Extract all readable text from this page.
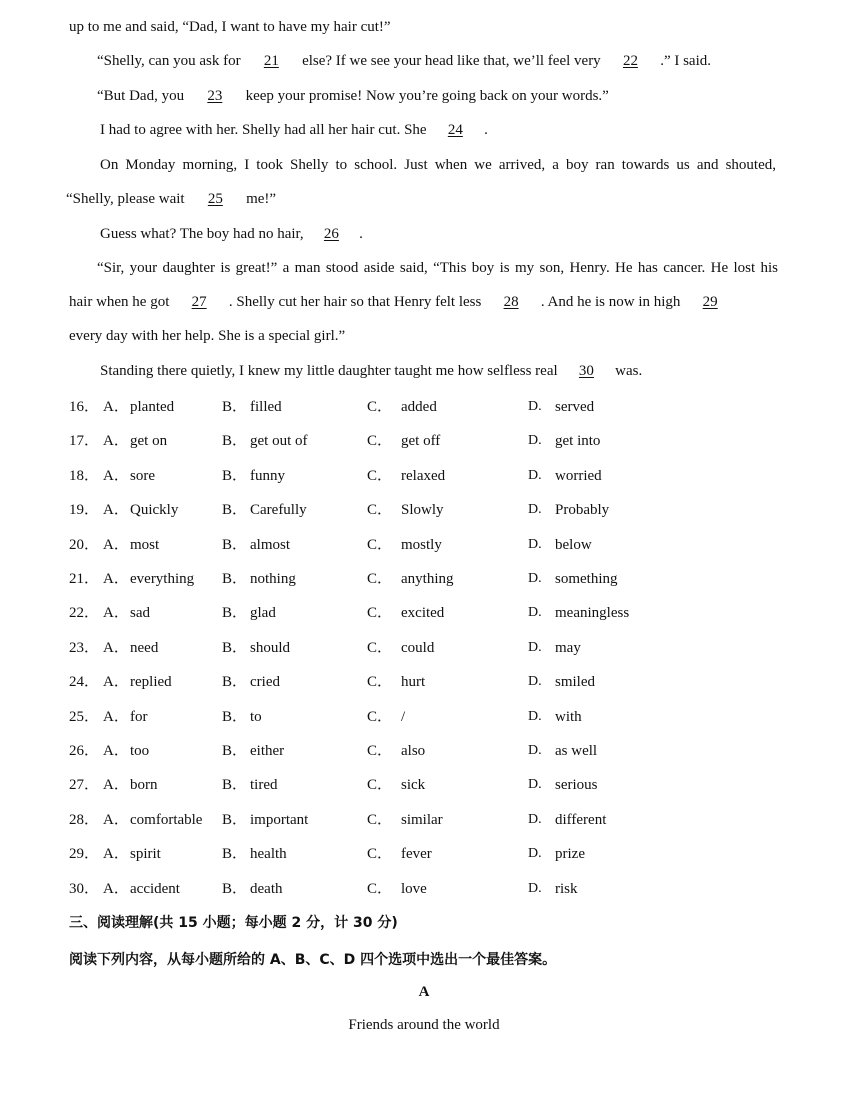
up to me and said, “Dad, I want to have my hair cut!”
“Shelly, can you ask for 21 else? If we see your head like that, we’ll feel very 22 .” I said.
“But Dad, you 23 keep your promise! Now you’re going back on your words.”
I had to agree with her. Shelly had all her hair cut. She 24 .
On Monday morning, I took Shelly to school. Just when we arrived, a boy ran towards us and shouted,
“Shelly, please wait 25 me!”
Guess what? The boy had no hair, 26 .
“Sir, your daughter is great!” a man stood aside said, “This boy is my son, Henry. He has cancer. He lost his
hair when he got 27 . Shelly cut her hair so that Henry felt less 28 . And he is now in high 29
every day with her help. She is a special girl.”
Standing there quietly, I knew my little daughter taught me how selfless real 30 was.
16． A． planted	B． filled	C． added	D. served
17． A． get on	B． get out of	C． get off	D. get into
18． A． sore	B． funny	C． relaxed	D. worried
19． A． Quickly	B． Carefully	C． Slowly	D. Probably
20． A． most	B． almost	C． mostly	D. below
21． A． everything B． nothing	C． anything	D. something
22． A． sad	B． glad	C． excited	D. meaningless
23． A． need	B． should	C． could	D. may
24． A． replied	B． cried	C． hurt	D. smiled
25． A． for	B． to	C． /	D. with
26． A． too	B． either	C． also	D. as well
27． A． born	B． tired	C． sick	D. serious
28． A． comfortable B． important	C． similar	D. different
29． A． spirit	B． health	C． fever	D. prize
30． A． accident	B． death	C． love	D. risk
三、阅读理解(共 15 小题；每小题 2 分，计 30 分)
阅读下列内容，从每小题所给的 A、B、C、D 四个选项中选出一个最佳答案。
A
Friends around the world
